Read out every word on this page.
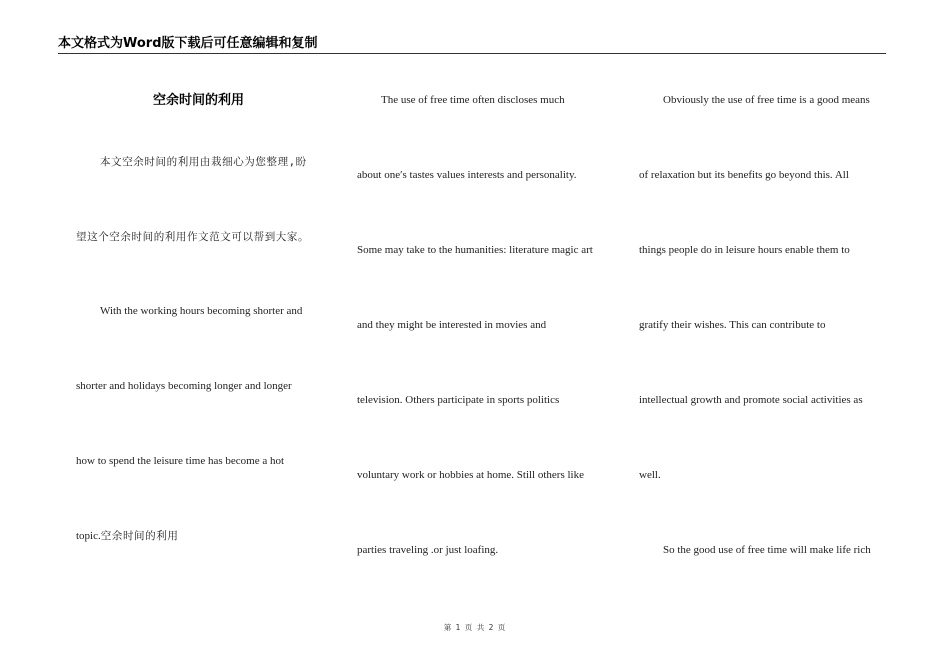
本文格式为Word版下载后可任意编辑和复制
空余时间的利用
本文空余时间的利用由栽细心为您整理,盼
望这个空余时间的利用作文范文可以帮到大家。
With the working hours becoming shorter and
shorter and holidays becoming longer and longer
how to spend the leisure time has become a hot
topic.空余时间的利用
The use of free time often discloses much
about one′s tastes values interests and personality.
Some may take to the humanities: literature magic art
and they might be interested in movies and
television. Others participate in sports politics
voluntary work or hobbies at home. Still others like
parties traveling .or just loafing.
Obviously the use of free time is a good means
of relaxation but its benefits go beyond this. All
things people do in leisure hours enable them to
gratify their wishes. This can contribute to
intellectual growth and promote social activities as
well.
So the good use of free time will make life rich
第 1 页 共 2 页
